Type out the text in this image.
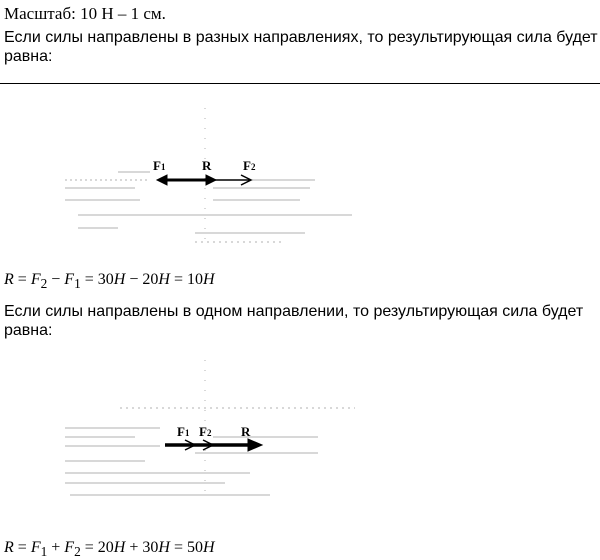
Масштаб: 10 Н – 1 см.
Если силы направлены в разных направлениях, то результирующая сила будет равна:
F1	R F2
$R = F_2 - F_1 = 30H - 20H = 10H$
Если силы направлены в одном направлении, то результирующая сила будет равна:
F1 F2 R
$R = F_1 + F_2 = 20H + 30H = 50H$
